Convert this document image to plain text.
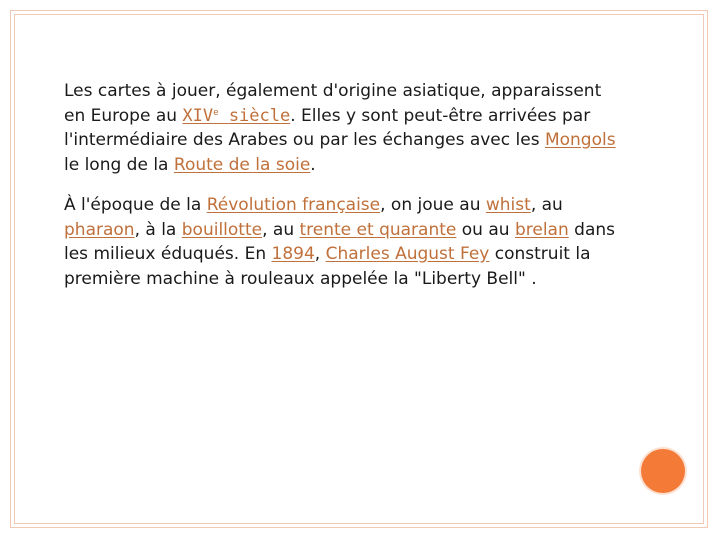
Les cartes à jouer, également d'origine asiatique, apparaissent en Europe au XIVe siècle. Elles y sont peut-être arrivées par l'intermédiaire des Arabes ou par les échanges avec les Mongols le long de la Route de la soie.

À l'époque de la Révolution française, on joue au whist, au pharaon, à la bouillotte, au trente et quarante ou au brelan dans les milieux éduqués. En 1894, Charles August Fey construit la première machine à rouleaux appelée la "Liberty Bell" .
